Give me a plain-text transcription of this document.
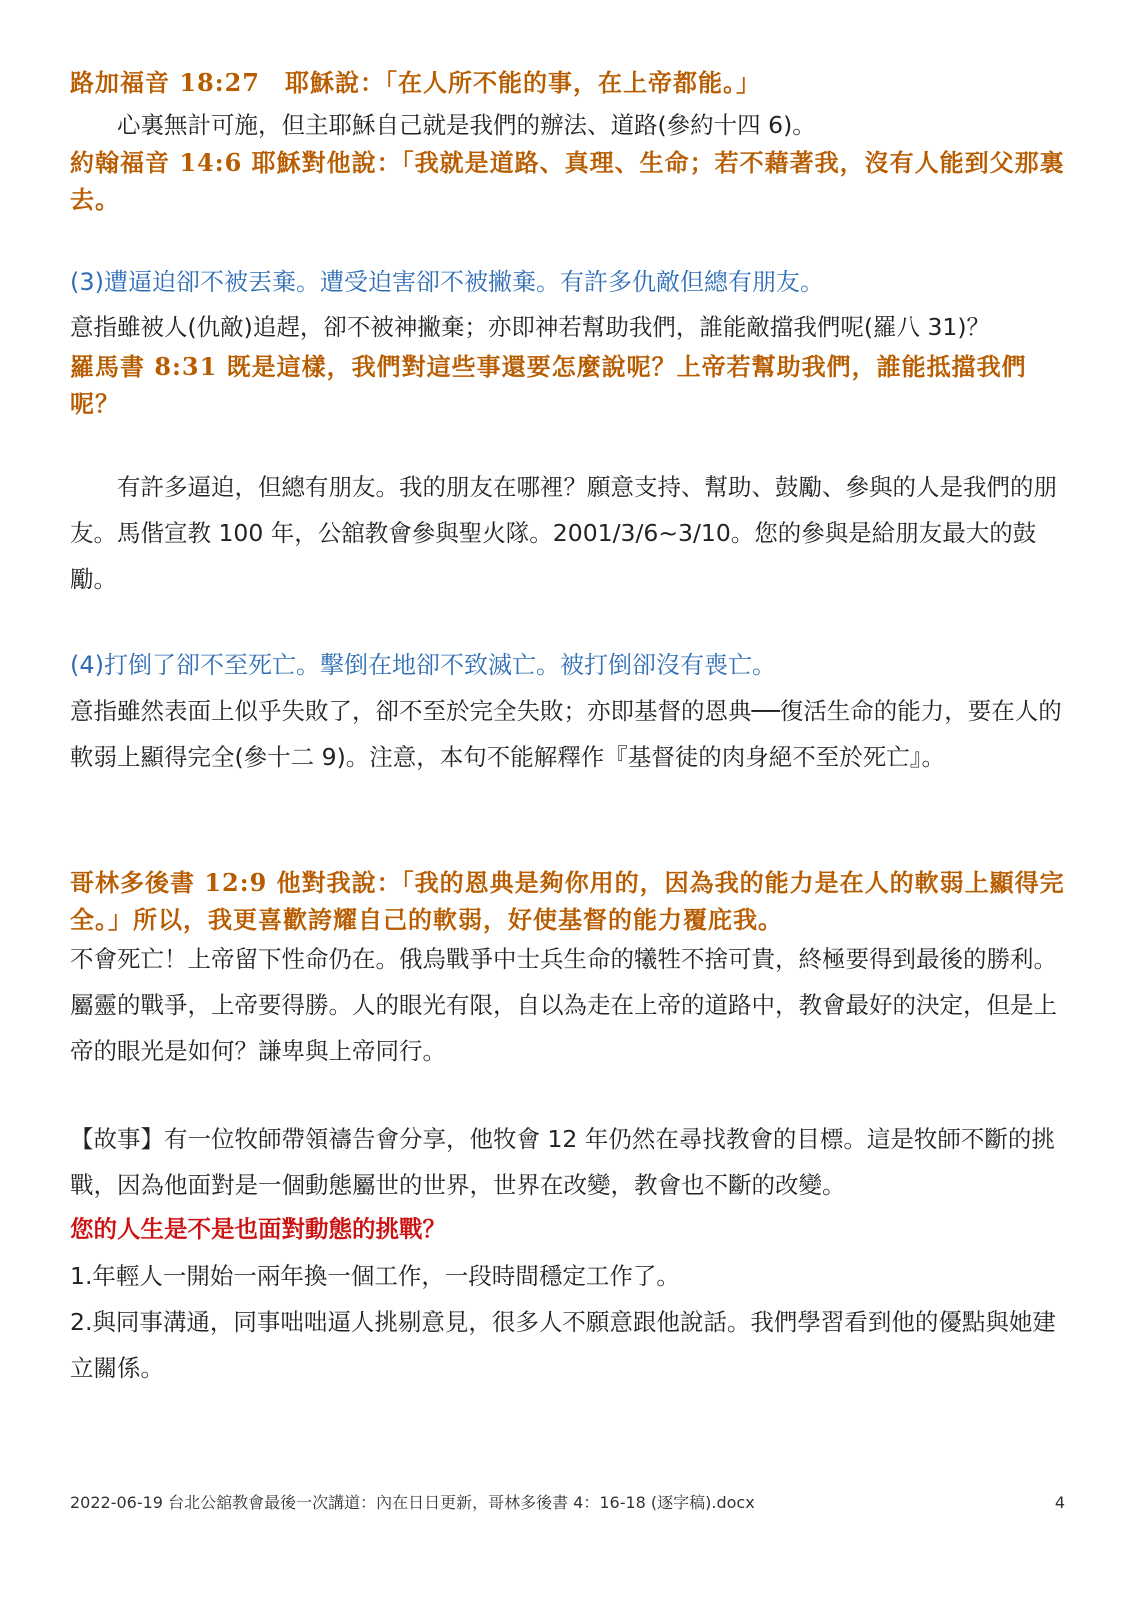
路加福音 18:27　耶穌說：「在人所不能的事，在上帝都能。」

心裏無計可施，但主耶穌自己就是我們的辦法、道路(參約十四 6)。

約翰福音 14:6 耶穌對他說：「我就是道路、真理、生命；若不藉著我，沒有人能到父那裏去。

(3)遭逼迫卻不被丟棄。遭受迫害卻不被撇棄。有許多仇敵但總有朋友。

意指雖被人(仇敵)追趕，卻不被神撇棄；亦即神若幫助我們，誰能敵擋我們呢(羅八 31)？

羅馬書 8:31 既是這樣，我們對這些事還要怎麼說呢？上帝若幫助我們，誰能抵擋我們呢？

有許多逼迫，但總有朋友。我的朋友在哪裡？願意支持、幫助、鼓勵、參與的人是我們的朋友。馬偕宣教 100 年，公舘教會參與聖火隊。2001/3/6~3/10。您的參與是給朋友最大的鼓勵。

(4)打倒了卻不至死亡。擊倒在地卻不致滅亡。被打倒卻沒有喪亡。

意指雖然表面上似乎失敗了，卻不至於完全失敗；亦即基督的恩典──復活生命的能力，要在人的軟弱上顯得完全(參十二 9)。注意，本句不能解釋作『基督徒的肉身絕不至於死亡』。

哥林多後書 12:9 他對我說：「我的恩典是夠你用的，因為我的能力是在人的軟弱上顯得完全。」所以，我更喜歡誇耀自己的軟弱，好使基督的能力覆庇我。

不會死亡！上帝留下性命仍在。俄烏戰爭中士兵生命的犧牲不捨可貴，終極要得到最後的勝利。屬靈的戰爭，上帝要得勝。人的眼光有限，自以為走在上帝的道路中，教會最好的決定，但是上帝的眼光是如何？謙卑與上帝同行。

【故事】有一位牧師帶領禱告會分享，他牧會 12 年仍然在尋找教會的目標。這是牧師不斷的挑戰，因為他面對是一個動態屬世的世界，世界在改變，教會也不斷的改變。

您的人生是不是也面對動態的挑戰？

1.年輕人一開始一兩年換一個工作，一段時間穩定工作了。

2.與同事溝通，同事咄咄逼人挑剔意見，很多人不願意跟他說話。我們學習看到他的優點與她建立關係。

2022-06-19 台北公舘教會最後一次講道：內在日日更新，哥林多後書 4：16-18 (逐字稿).docx	4
